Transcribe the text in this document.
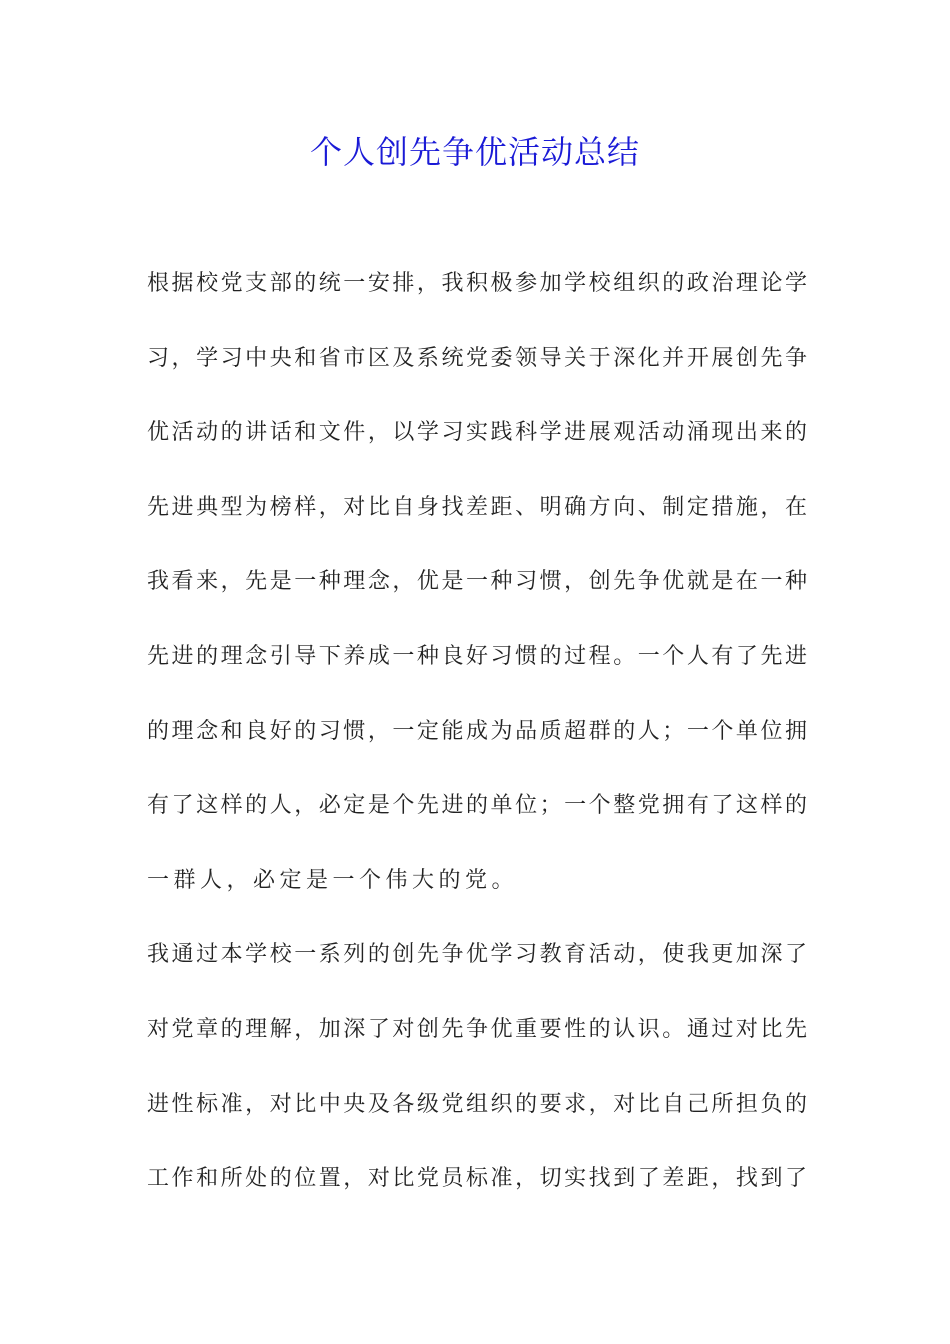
个人创先争优活动总结
根据校党支部的统一安排，我积极参加学校组织的政治理论学
习，学习中央和省市区及系统党委领导关于深化并开展创先争
优活动的讲话和文件，以学习实践科学进展观活动涌现出来的
先进典型为榜样，对比自身找差距、明确方向、制定措施，在
我看来，先是一种理念，优是一种习惯，创先争优就是在一种
先进的理念引导下养成一种良好习惯的过程。一个人有了先进
的理念和良好的习惯，一定能成为品质超群的人；一个单位拥
有了这样的人，必定是个先进的单位；一个整党拥有了这样的
一群人，必定是一个伟大的党。
我通过本学校一系列的创先争优学习教育活动，使我更加深了
对党章的理解，加深了对创先争优重要性的认识。通过对比先
进性标准，对比中央及各级党组织的要求，对比自己所担负的
工作和所处的位置，对比党员标准，切实找到了差距，找到了
